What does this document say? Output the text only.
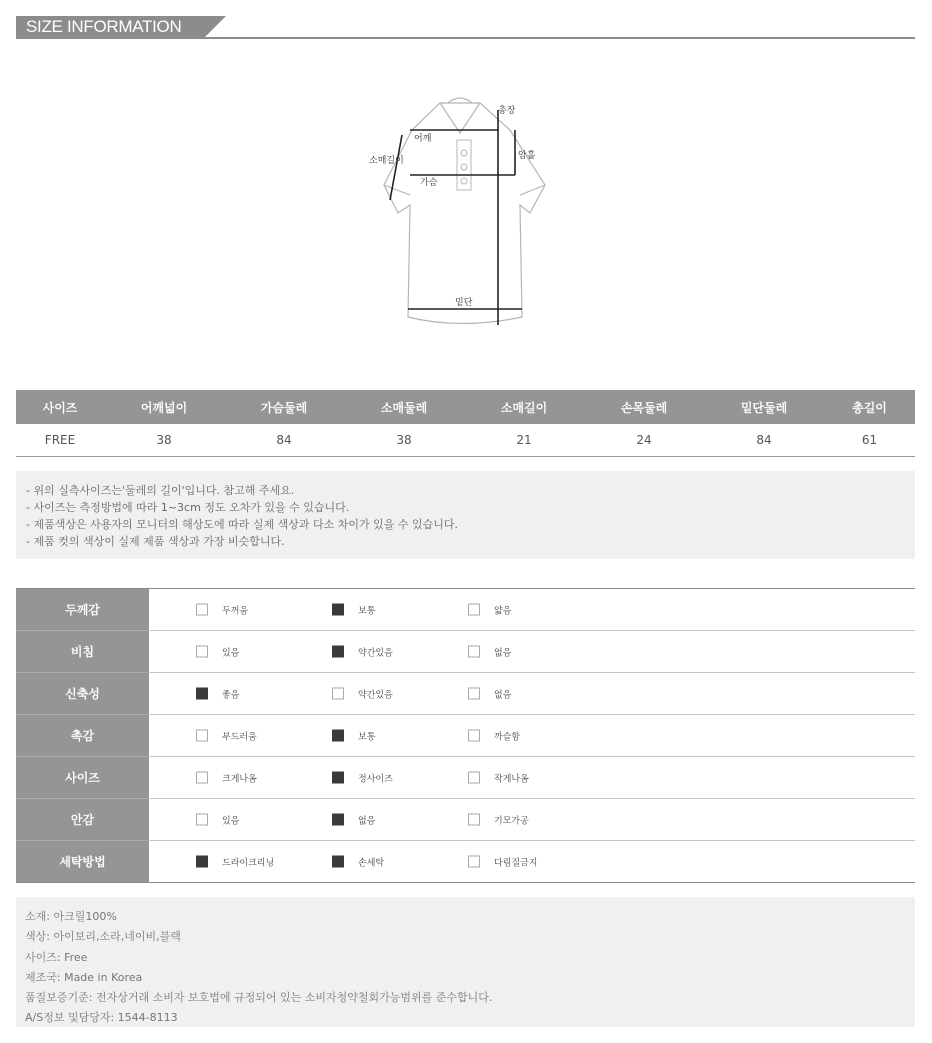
SIZE INFORMATION
총장
어깨
소매길이	암홀
가슴
밑단
사이즈	어깨넓이	가슴둘레	소매둘레	소매길이	손목둘레	밑단둘레	총길이
FREE	38	84	38	21	24	84	61
- 위의 실측사이즈는'둘레의 길이'입니다. 참고해 주세요.
- 사이즈는 측정방법에 따라 1~3cm 정도 오차가 있을 수 있습니다.
- 제품색상은 사용자의 모니터의 해상도에 따라 실제 색상과 다소 차이가 있을 수 있습니다.
- 제품 컷의 색상이 실제 제품 색상과 가장 비슷합니다.
두께감	두꺼움 보통 얇음

비침	있음 약간있음 없음

신축성	좋음 약간있음 없음

촉감	부드러움 보통 까슬함

사이즈	크게나옴 정사이즈 작게나옴

안감	있음 없음 기모가공

세탁방법	드라이크리닝 손세탁 다림질금지
소재: 아크릴100%
색상: 아이보리,소라,네이비,블랙
사이즈: Free
제조국: Made in Korea
품질보증기준: 전자상거래 소비자 보호법에 규정되어 있는 소비자청약철회가능범위를 준수합니다.
A/S정보 및담당자: 1544-8113
